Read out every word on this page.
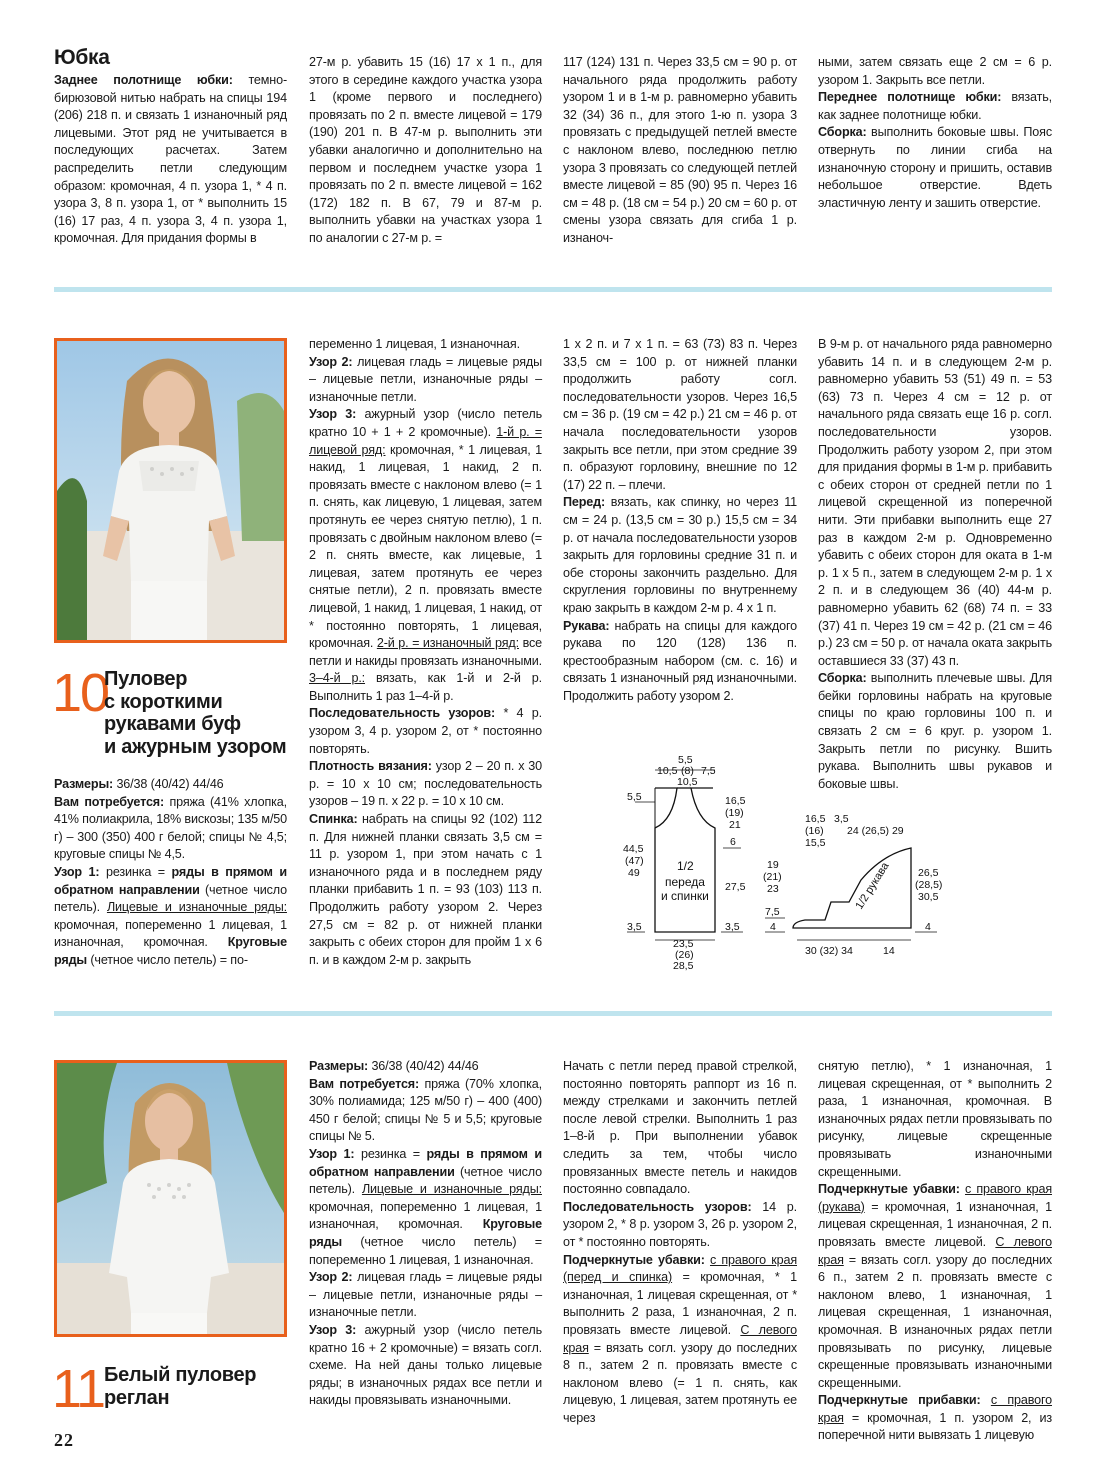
Юбка
Заднее полотнище юбки: темно-бирюзовой нитью набрать на спицы 194 (206) 218 п. и связать 1 изнаночный ряд лицевыми. Этот ряд не учитывается в последующих расчетах. Затем распределить петли следующим образом: кромочная, 4 п. узора 1, * 4 п. узора 3, 8 п. узора 1, от * выполнить 15 (16) 17 раз, 4 п. узора 3, 4 п. узора 1, кромочная. Для придания формы в
27-м р. убавить 15 (16) 17 х 1 п., для этого в середине каждого участка узора 1 (кроме первого и последнего) провязать по 2 п. вместе лицевой = 179 (190) 201 п. В 47-м р. выполнить эти убавки аналогично и дополнительно на первом и последнем участке узора 1 провязать по 2 п. вместе лицевой = 162 (172) 182 п. В 67, 79 и 87-м р. выполнить убавки на участках узора 1 по аналогии с 27-м р. =
117 (124) 131 п. Через 33,5 см = 90 р. от начального ряда продолжить работу узором 1 и в 1-м р. равномерно убавить 32 (34) 36 п., для этого 1-ю п. узора 3 провязать с предыдущей петлей вместе с наклоном влево, последнюю петлю узора 3 провязать со следующей петлей вместе лицевой = 85 (90) 95 п. Через 16 см = 48 р. (18 см = 54 р.) 20 см = 60 р. от смены узора связать для сгиба 1 р. изнаноч-
ными, затем связать еще 2 см = 6 р. узором 1. Закрыть все петли.
Переднее полотнище юбки: вязать, как заднее полотнище юбки.
Сборка: выполнить боковые швы. Пояс отвернуть по линии сгиба на изнаночную сторону и пришить, оставив небольшое отверстие. Вдеть эластичную ленту и зашить отверстие.
10
Пуловер
с короткими
рукавами буф
и ажурным узором
Размеры: 36/38 (40/42) 44/46
Вам потребуется: пряжа (41% хлопка, 41% полиакрила, 18% вискозы; 135 м/50 г) – 300 (350) 400 г белой; спицы № 4,5; круговые спицы № 4,5.
Узор 1: резинка = ряды в прямом и обратном направлении (четное число петель). Лицевые и изнаночные ряды: кромочная, попеременно 1 лицевая, 1 изнаночная, кромочная. Круговые ряды (четное число петель) = по-
переменно 1 лицевая, 1 изнаночная.
Узор 2: лицевая гладь = лицевые ряды – лицевые петли, изнаночные ряды – изнаночные петли.
Узор 3: ажурный узор (число петель кратно 10 + 1 + 2 кромочные). 1-й р. = лицевой ряд: кромочная, * 1 лицевая, 1 накид, 1 лицевая, 1 накид, 2 п. провязать вместе с наклоном влево (= 1 п. снять, как лицевую, 1 лицевая, затем протянуть ее через снятую петлю), 1 п. провязать с двойным наклоном влево (= 2 п. снять вместе, как лицевые, 1 лицевая, затем протянуть ее через снятые петли), 2 п. провязать вместе лицевой, 1 накид, 1 лицевая, 1 накид, от * постоянно повторять, 1 лицевая, кромочная. 2-й р. = изнаночный ряд: все петли и накиды провязать изнаночными. 3–4-й р.: вязать, как 1-й и 2-й р. Выполнить 1 раз 1–4-й р.
Последовательность узоров: * 4 р. узором 3, 4 р. узором 2, от * постоянно повторять.
Плотность вязания: узор 2 – 20 п. х 30 р. = 10 х 10 см; последовательность узоров – 19 п. х 22 р. = 10 х 10 см.
Спинка: набрать на спицы 92 (102) 112 п. Для нижней планки связать 3,5 см = 11 р. узором 1, при этом начать с 1 изнаночного ряда и в последнем ряду планки прибавить 1 п. = 93 (103) 113 п. Продолжить работу узором 2. Через 27,5 см = 82 р. от нижней планки закрыть с обеих сторон для пройм 1 х 6 п. и в каждом 2-м р. закрыть
1 х 2 п. и 7 х 1 п. = 63 (73) 83 п. Через 33,5 см = 100 р. от нижней планки продолжить работу согл. последовательности узоров. Через 16,5 см = 36 р. (19 см = 42 р.) 21 см = 46 р. от начала последовательности узоров закрыть все петли, при этом средние 39 п. образуют горловину, внешние по 12 (17) 22 п. – плечи.
Перед: вязать, как спинку, но через 11 см = 24 р. (13,5 см = 30 р.) 15,5 см = 34 р. от начала последовательности узоров закрыть для горловины средние 31 п. и обе стороны закончить раздельно. Для скругления горловины по внутреннему краю закрыть в каждом 2-м р. 4 х 1 п.
Рукава: набрать на спицы для каждого рукава по 120 (128) 136 п. крестообразным набором (см. с. 16) и связать 1 изнаночный ряд изнаночными. Продолжить работу узором 2.
В 9-м р. от начального ряда равномерно убавить 14 п. и в следующем 2-м р. равномерно убавить 53 (51) 49 п. = 53 (63) 73 п. Через 4 см = 12 р. от начального ряда связать еще 16 р. согл. последовательности узоров. Продолжить работу узором 2, при этом для придания формы в 1-м р. прибавить с обеих сторон от средней петли по 1 лицевой скрещенной из поперечной нити. Эти прибавки выполнить еще 27 раз в каждом 2-м р. Одновременно убавить с обеих сторон для оката в 1-м р. 1 х 5 п., затем в следующем 2-м р. 1 х 2 п. и в следующем 36 (40) 44-м р. равномерно убавить 62 (68) 74 п. = 33 (37) 41 п. Через 19 см = 42 р. (21 см = 46 р.) 23 см = 50 р. от начала оката закрыть оставшиеся 33 (37) 43 п.
Сборка: выполнить плечевые швы. Для бейки горловины набрать на круговые спицы по краю горловины 100 п. и связать 2 см = 6 круг. р. узором 1. Закрыть петли по рисунку. Вшить рукава. Выполнить швы рукавов и боковые швы.
5,5
10,5 (8) 7,5
10,5
5,5
44,5
(47)
49
16,5
(19)
21
6
27,5
3,5	3,5
23,5
(26)
28,5
1/2
переда
и спинки
19
(21)
23
7,5
4
16,5
(16)
15,5
3,5
24 (26,5) 29
26,5
(28,5)
30,5
4
30 (32) 34	14
1/2 рукава
11 Белый пуловер
реглан
Размеры: 36/38 (40/42) 44/46
Вам потребуется: пряжа (70% хлопка, 30% полиамида; 125 м/50 г) – 400 (400) 450 г белой; спицы № 5 и 5,5; круговые спицы № 5.
Узор 1: резинка = ряды в прямом и обратном направлении (четное число петель). Лицевые и изнаночные ряды: кромочная, попеременно 1 лицевая, 1 изнаночная, кромочная. Круговые ряды (четное число петель) = попеременно 1 лицевая, 1 изнаночная.
Узор 2: лицевая гладь = лицевые ряды – лицевые петли, изнаночные ряды – изнаночные петли.
Узор 3: ажурный узор (число петель кратно 16 + 2 кромочные) = вязать согл. схеме. На ней даны только лицевые ряды; в изнаночных рядах все петли и накиды провязывать изнаночными.
Начать с петли перед правой стрелкой, постоянно повторять раппорт из 16 п. между стрелками и закончить петлей после левой стрелки. Выполнить 1 раз 1–8-й р. При выполнении убавок следить за тем, чтобы число провязанных вместе петель и накидов постоянно совпадало.
Последовательность узоров: 14 р. узором 2, * 8 р. узором 3, 26 р. узором 2, от * постоянно повторять.
Подчеркнутые убавки: с правого края (перед и спинка) = кромочная, * 1 изнаночная, 1 лицевая скрещенная, от * выполнить 2 раза, 1 изнаночная, 2 п. провязать вместе лицевой. С левого края = вязать согл. узору до последних 8 п., затем 2 п. провязать вместе с наклоном влево (= 1 п. снять, как лицевую, 1 лицевая, затем протянуть ее через
снятую петлю), * 1 изнаночная, 1 лицевая скрещенная, от * выполнить 2 раза, 1 изнаночная, кромочная. В изнаночных рядах петли провязывать по рисунку, лицевые скрещенные провязывать изнаночными скрещенными.
Подчеркнутые убавки: с правого края (рукава) = кромочная, 1 изнаночная, 1 лицевая скрещенная, 1 изнаночная, 2 п. провязать вместе лицевой. С левого края = вязать согл. узору до последних 6 п., затем 2 п. провязать вместе с наклоном влево, 1 изнаночная, 1 лицевая скрещенная, 1 изнаночная, кромочная. В изнаночных рядах петли провязывать по рисунку, лицевые скрещенные провязывать изнаночными скрещенными.
Подчеркнутые прибавки: с правого края = кромочная, 1 п. узором 2, из поперечной нити вывязать 1 лицевую
22
